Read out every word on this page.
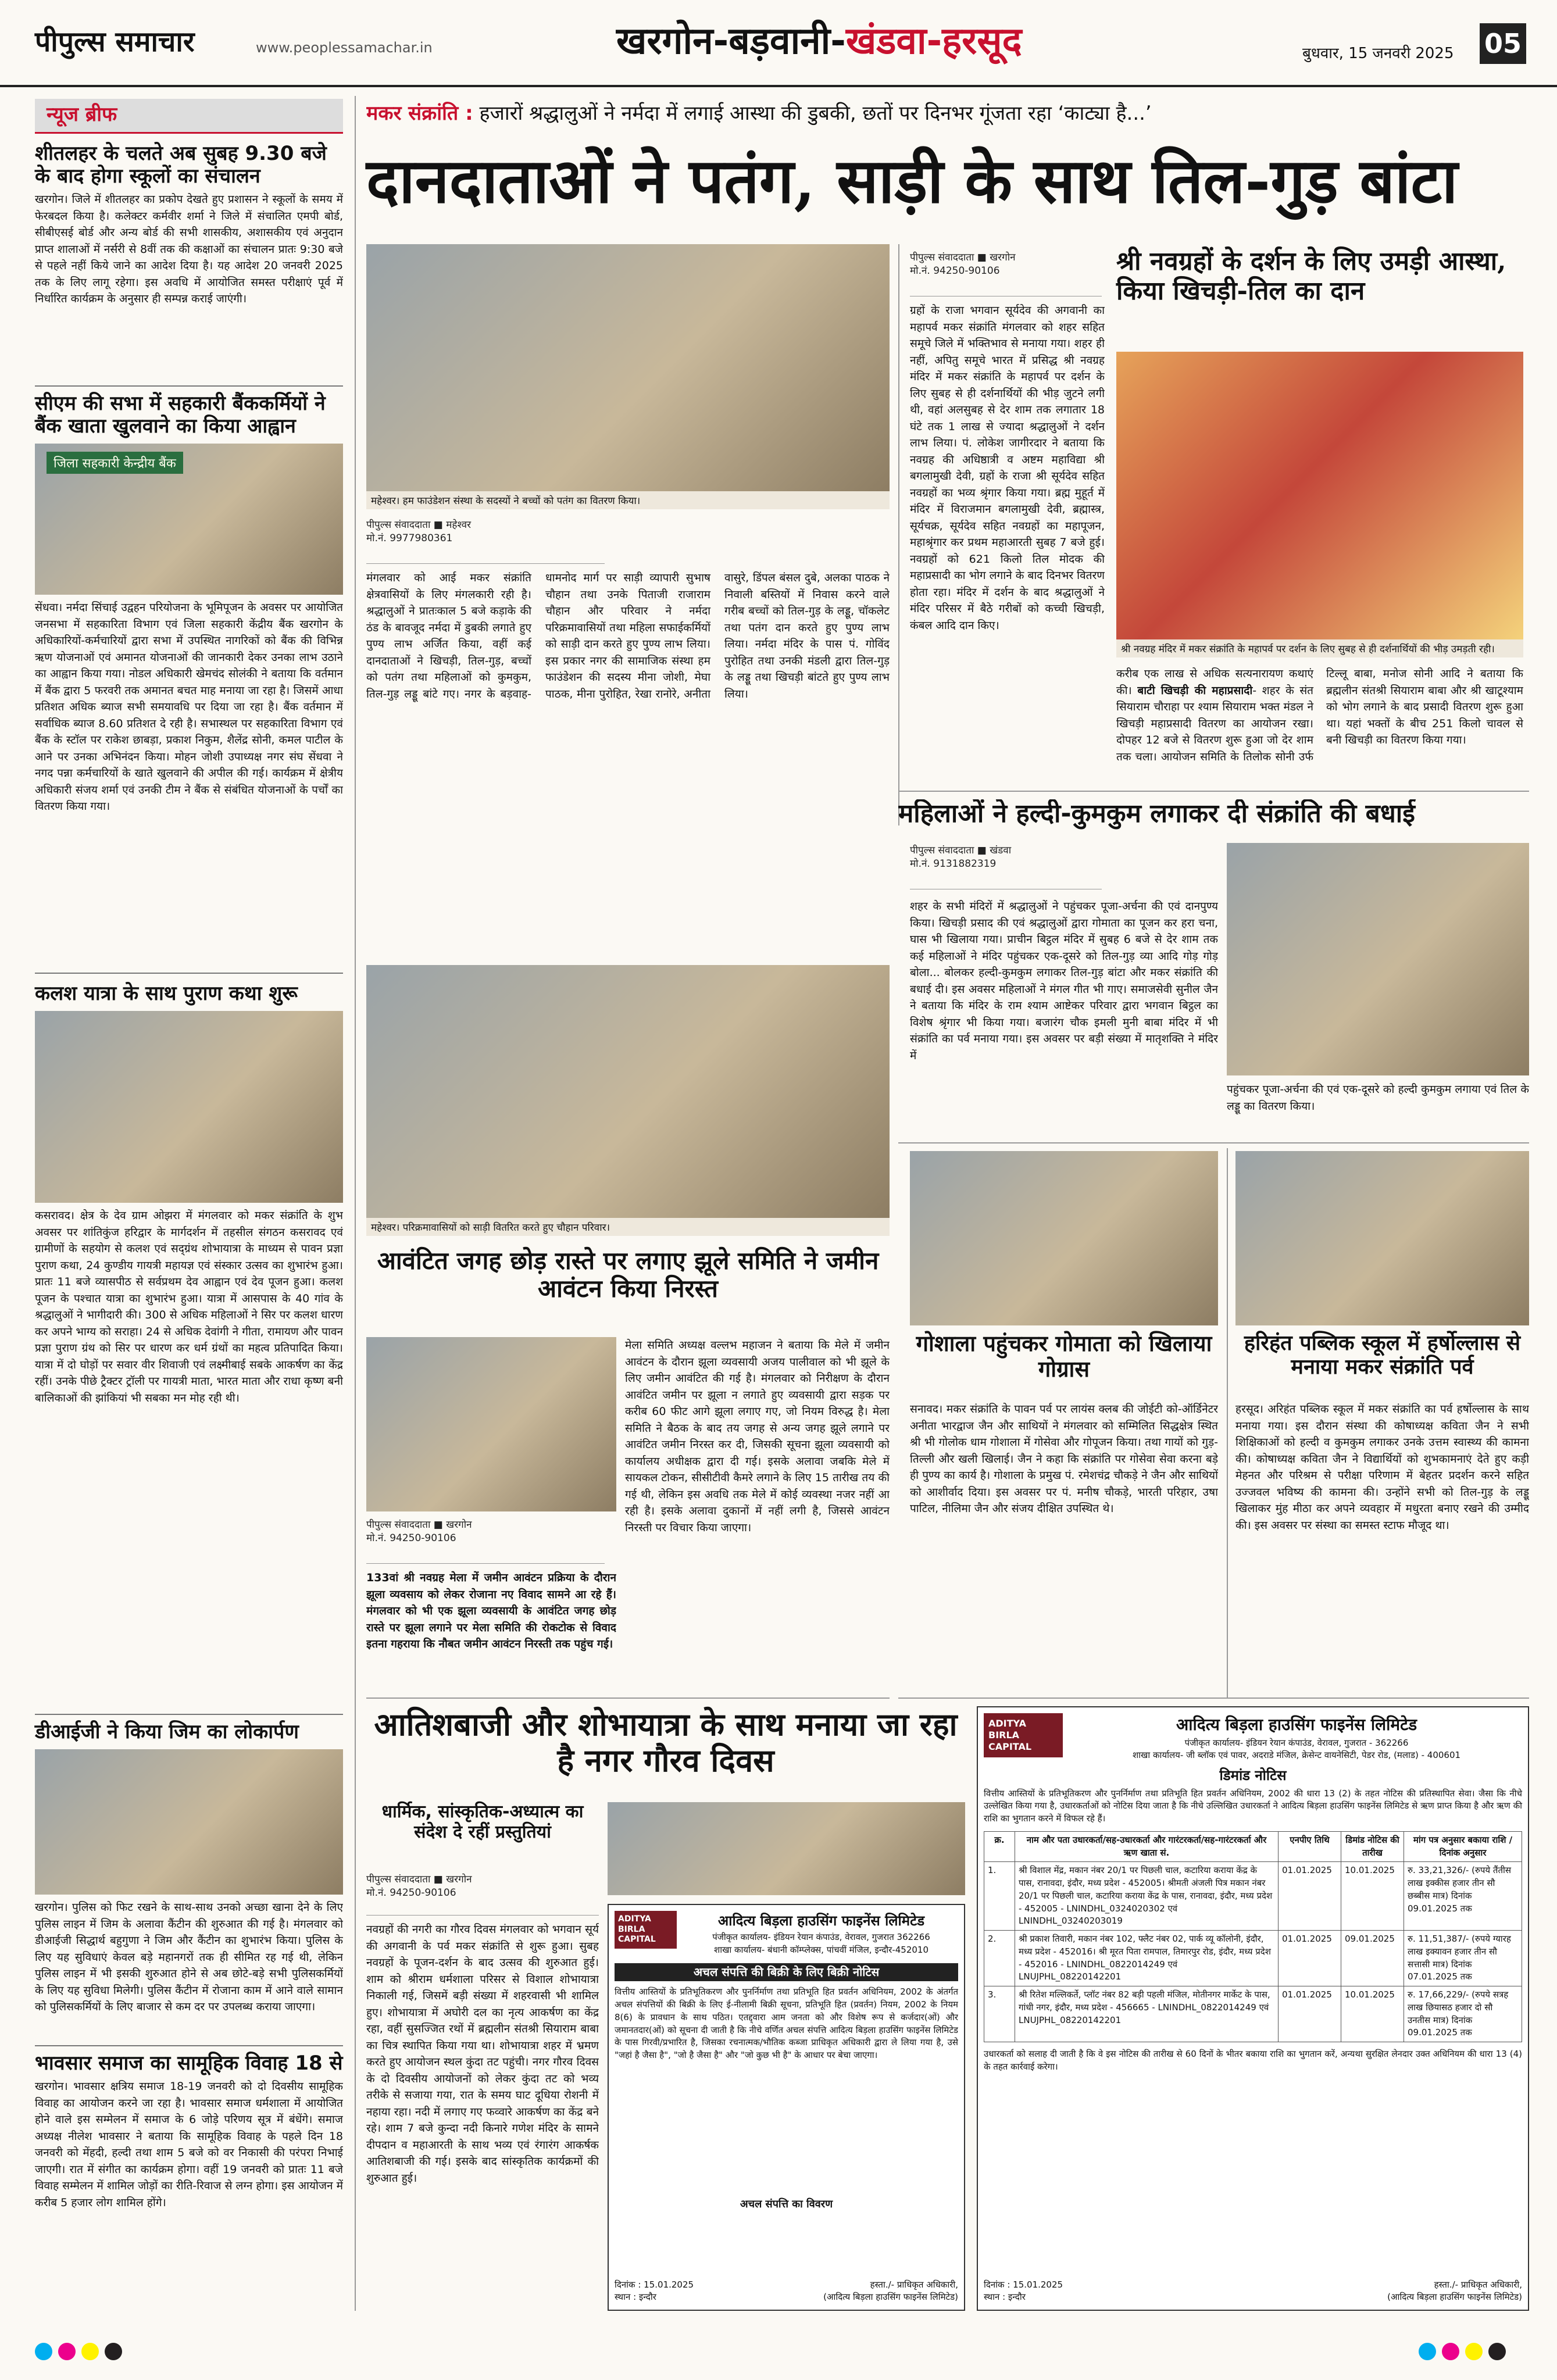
पीपुल्स समाचार	www.peoplessamachar.in	खरगोन-बड़वानी-खंडवा-हरसूद	बुधवार, 15 जनवरी 2025 05
न्यूज ब्रीफ
शीतलहर के चलते अब सुबह 9.30 बजे के बाद होगा स्कूलों का संचालन
खरगोन। जिले में शीतलहर का प्रकोप देखते हुए प्रशासन ने स्कूलों के समय में फेरबदल किया है। कलेक्टर कर्मवीर शर्मा ने जिले में संचालित एमपी बोर्ड, सीबीएसई बोर्ड और अन्य बोर्ड की सभी शासकीय, अशासकीय एवं अनुदान प्राप्त शालाओं में नर्सरी से 8वीं तक की कक्षाओं का संचालन प्रातः 9:30 बजे से पहले नहीं किये जाने का आदेश दिया है। यह आदेश 20 जनवरी 2025 तक के लिए लागू रहेगा। इस अवधि में आयोजित समस्त परीक्षाएं पूर्व में निर्धारित कार्यक्रम के अनुसार ही सम्पन्न कराई जाएंगी।
सीएम की सभा में सहकारी बैंककर्मियों ने बैंक खाता खुलवाने का किया आह्वान
जिला सहकारी केन्द्रीय बैंक
सेंधवा। नर्मदा सिंचाई उद्वहन परियोजना के भूमिपूजन के अवसर पर आयोजित जनसभा में सहकारिता विभाग एवं जिला सहकारी केंद्रीय बैंक खरगोन के अधिकारियों-कर्मचारियों द्वारा सभा में उपस्थित नागरिकों को बैंक की विभिन्न ऋण योजनाओं एवं अमानत योजनाओं की जानकारी देकर उनका लाभ उठाने का आह्वान किया गया। नोडल अधिकारी खेमचंद सोलंकी ने बताया कि वर्तमान में बैंक द्वारा 5 फरवरी तक अमानत बचत माह मनाया जा रहा है। जिसमें आधा प्रतिशत अधिक ब्याज सभी समयावधि पर दिया जा रहा है। बैंक वर्तमान में सर्वाधिक ब्याज 8.60 प्रतिशत दे रही है। सभास्थल पर सहकारिता विभाग एवं बैंक के स्टॉल पर राकेश छाबड़ा, प्रकाश निकुम, शैलेंद्र सोनी, कमल पाटील के आने पर उनका अभिनंदन किया। मोहन जोशी उपाध्यक्ष नगर संघ सेंधवा ने नगद पन्ना कर्मचारियों के खाते खुलवाने की अपील की गई। कार्यक्रम में क्षेत्रीय अधिकारी संजय शर्मा एवं उनकी टीम ने बैंक से संबंधित योजनाओं के पर्चों का वितरण किया गया।
कलश यात्रा के साथ पुराण कथा शुरू
कसरावद। क्षेत्र के देव ग्राम ओझरा में मंगलवार को मकर संक्रांति के शुभ अवसर पर शांतिकुंज हरिद्वार के मार्गदर्शन में तहसील संगठन कसरावद एवं ग्रामीणों के सहयोग से कलश एवं सद्ग्रंथ शोभायात्रा के माध्यम से पावन प्रज्ञा पुराण कथा, 24 कुण्डीय गायत्री महायज्ञ एवं संस्कार उत्सव का शुभारंभ हुआ। प्रातः 11 बजे व्यासपीठ से सर्वप्रथम देव आह्वान एवं देव पूजन हुआ। कलश पूजन के पश्चात यात्रा का शुभारंभ हुआ। यात्रा में आसपास के 40 गांव के श्रद्धालुओं ने भागीदारी की। 300 से अधिक महिलाओं ने सिर पर कलश धारण कर अपने भाग्य को सराहा। 24 से अधिक देवांगी ने गीता, रामायण और पावन प्रज्ञा पुराण ग्रंथ को सिर पर धारण कर धर्म ग्रंथों का महत्व प्रतिपादित किया। यात्रा में दो घोड़ों पर सवार वीर शिवाजी एवं लक्ष्मीबाई सबके आकर्षण का केंद्र रहीं। उनके पीछे ट्रैक्टर ट्रॉली पर गायत्री माता, भारत माता और राधा कृष्ण बनी बालिकाओं की झांकियां भी सबका मन मोह रही थी।
डीआईजी ने किया जिम का लोकार्पण
खरगोन। पुलिस को फिट रखने के साथ-साथ उनको अच्छा खाना देने के लिए पुलिस लाइन में जिम के अलावा कैंटीन की शुरुआत की गई है। मंगलवार को डीआईजी सिद्धार्थ बहुगुणा ने जिम और कैंटीन का शुभारंभ किया। पुलिस के लिए यह सुविधाएं केवल बड़े महानगरों तक ही सीमित रह गई थी, लेकिन पुलिस लाइन में भी इसकी शुरुआत होने से अब छोटे-बड़े सभी पुलिसकर्मियों के लिए यह सुविधा मिलेगी। पुलिस कैंटीन में रोजाना काम में आने वाले सामान को पुलिसकर्मियों के लिए बाजार से कम दर पर उपलब्ध कराया जाएगा।
भावसार समाज का सामूहिक विवाह 18 से
खरगोन। भावसार क्षत्रिय समाज 18-19 जनवरी को दो दिवसीय सामूहिक विवाह का आयोजन करने जा रहा है। भावसार समाज धर्मशाला में आयोजित होने वाले इस सम्मेलन में समाज के 6 जोड़े परिणय सूत्र में बंधेंगे। समाज अध्यक्ष नीलेश भावसार ने बताया कि सामूहिक विवाह के पहले दिन 18 जनवरी को मेंहदी, हल्दी तथा शाम 5 बजे को वर निकासी की परंपरा निभाई जाएगी। रात में संगीत का कार्यक्रम होगा। वहीं 19 जनवरी को प्रातः 11 बजे विवाह सम्मेलन में शामिल जोड़ों का रीति-रिवाज से लग्न होगा। इस आयोजन में करीब 5 हजार लोग शामिल होंगे।
मकर संक्रांति : हजारों श्रद्धालुओं ने नर्मदा में लगाई आस्था की डुबकी, छतों पर दिनभर गूंजता रहा ‘काट्या है...’
दानदाताओं ने पतंग, साड़ी के साथ तिल-गुड़ बांटा
महेश्वर। हम फाउंडेशन संस्था के सदस्यों ने बच्चों को पतंग का वितरण किया।
पीपुल्स संवाददाता ■ महेश्वर
मो.नं. 9977980361
मंगलवार को आई मकर संक्रांति क्षेत्रवासियों के लिए मंगलकारी रही है। श्रद्धालुओं ने प्रातःकाल 5 बजे कड़ाके की ठंड के बावजूद नर्मदा में डुबकी लगाते हुए पुण्य लाभ अर्जित किया, वहीं कई दानदाताओं ने खिचड़ी, तिल-गुड़, बच्चों को पतंग तथा महिलाओं को कुमकुम, तिल-गुड़ लड्डू बांटे गए। नगर के बड़वाह-धामनोद मार्ग पर साड़ी व्यापारी सुभाष चौहान तथा उनके पिताजी राजाराम चौहान और परिवार ने नर्मदा परिक्रमावासियों तथा महिला सफाईकर्मियों को साड़ी दान करते हुए पुण्य लाभ लिया। इस प्रकार नगर की सामाजिक संस्था हम फाउंडेशन की सदस्य मीना जोशी, मेघा पाठक, मीना पुरोहित, रेखा रानोरे, अनीता वासुरे, डिंपल बंसल दुबे, अलका पाठक ने निवाली बस्तियों में निवास करने वाले गरीब बच्चों को तिल-गुड़ के लड्डू, चॉकलेट तथा पतंग दान करते हुए पुण्य लाभ लिया। नर्मदा मंदिर के पास पं. गोविंद पुरोहित तथा उनकी मंडली द्वारा तिल-गुड़ के लड्डू तथा खिचड़ी बांटते हुए पुण्य लाभ लिया।
महेश्वर। परिक्रमावासियों को साड़ी वितरित करते हुए चौहान परिवार।
पीपुल्स संवाददाता ■ खरगोन
मो.नं. 94250-90106	श्री नवग्रहों के दर्शन के लिए उमड़ी आस्था, किया खिचड़ी-तिल का दान
ग्रहों के राजा भगवान सूर्यदेव की अगवानी का महापर्व मकर संक्रांति मंगलवार को शहर सहित समूचे जिले में भक्तिभाव से मनाया गया। शहर ही नहीं, अपितु समूचे भारत में प्रसिद्ध श्री नवग्रह मंदिर में मकर संक्रांति के महापर्व पर दर्शन के लिए सुबह से ही दर्शनार्थियों की भीड़ जुटने लगी थी, वहां अलसुबह से देर शाम तक लगातार 18 घंटे तक 1 लाख से ज्यादा श्रद्धालुओं ने दर्शन लाभ लिया। पं. लोकेश जागीरदार ने बताया कि नवग्रह की अधिष्ठात्री व अष्टम महाविद्या श्री बगलामुखी देवी, ग्रहों के राजा श्री सूर्यदेव सहित नवग्रहों का भव्य श्रृंगार किया गया। ब्रह्म मुहूर्त में मंदिर में विराजमान बगलामुखी देवी, ब्रह्मास्त्र, सूर्यचक्र, सूर्यदेव सहित नवग्रहों का महापूजन, महाश्रृंगार कर प्रथम महाआरती सुबह 7 बजे हुई। नवग्रहों को 621 किलो तिल मोदक की महाप्रसादी का भोग लगाने के बाद दिनभर वितरण होता रहा। मंदिर में दर्शन के बाद श्रद्धालुओं ने मंदिर परिसर में बैठे गरीबों को कच्ची खिचड़ी, कंबल आदि दान किए।
श्री नवग्रह मंदिर में मकर संक्रांति के महापर्व पर दर्शन के लिए सुबह से ही दर्शनार्थियों की भीड़ उमड़ती रही।
करीब एक लाख से अधिक सत्यनारायण कथाएं की। बाटी खिचड़ी की महाप्रसादी- शहर के संत सियाराम चौराहा पर श्याम सियाराम भक्त मंडल ने खिचड़ी महाप्रसादी वितरण का आयोजन रखा। दोपहर 12 बजे से वितरण शुरू हुआ जो देर शाम तक चला। आयोजन समिति के तिलोक सोनी उर्फ टिल्लू बाबा, मनोज सोनी आदि ने बताया कि ब्रह्मलीन संतश्री सियाराम बाबा और श्री खाटूश्याम को भोग लगाने के बाद प्रसादी वितरण शुरू हुआ था। यहां भक्तों के बीच 251 किलो चावल से बनी खिचड़ी का वितरण किया गया।
महिलाओं ने हल्दी-कुमकुम लगाकर दी संक्रांति की बधाई
पीपुल्स संवाददाता ■ खंडवा
मो.नं. 9131882319
शहर के सभी मंदिरों में श्रद्धालुओं ने पहुंचकर पूजा-अर्चना की एवं दानपुण्य किया। खिचड़ी प्रसाद की एवं श्रद्धालुओं द्वारा गोमाता का पूजन कर हरा चना, घास भी खिलाया गया। प्राचीन बिट्ठल मंदिर में सुबह 6 बजे से देर शाम तक कई महिलाओं ने मंदिर पहुंचकर एक-दूसरे को तिल-गुड़ व्या आदि गोड़ गोड़ बोला... बोलकर हल्दी-कुमकुम लगाकर तिल-गुड़ बांटा और मकर संक्रांति की बधाई दी। इस अवसर महिलाओं ने मंगल गीत भी गाए। समाजसेवी सुनील जैन ने बताया कि मंदिर के राम श्याम आष्टेकर परिवार द्वारा भगवान बिट्ठल का विशेष श्रृंगार भी किया गया। बजारंग चौक इमली मुनी बाबा मंदिर में भी संक्रांति का पर्व मनाया गया। इस अवसर पर बड़ी संख्या में मातृशक्ति ने मंदिर में
पहुंचकर पूजा-अर्चना की एवं एक-दूसरे को हल्दी कुमकुम लगाया एवं तिल के लड्डू का वितरण किया।
आवंटित जगह छोड़ रास्ते पर लगाए झूले समिति ने जमीन आवंटन किया निरस्त
पीपुल्स संवाददाता ■ खरगोन
मो.नं. 94250-90106
133वां श्री नवग्रह मेला में जमीन आवंटन प्रक्रिया के दौरान झूला व्यवसाय को लेकर रोजाना नए विवाद सामने आ रहे हैं। मंगलवार को भी एक झूला व्यवसायी के आवंटित जगह छोड़ रास्ते पर झूला लगाने पर मेला समिति की रोकटोक से विवाद इतना गहराया कि नौबत जमीन आवंटन निरस्ती तक पहुंच गई।
मेला समिति अध्यक्ष वल्लभ महाजन ने बताया कि मेले में जमीन आवंटन के दौरान झूला व्यवसायी अजय पालीवाल को भी झूले के लिए जमीन आवंटित की गई है। मंगलवार को निरीक्षण के दौरान आवंटित जमीन पर झूला न लगाते हुए व्यवसायी द्वारा सड़क पर करीब 60 फीट आगे झूला लगाए गए, जो नियम विरुद्ध है। मेला समिति ने बैठक के बाद तय जगह से अन्य जगह झूले लगाने पर आवंटित जमीन निरस्त कर दी, जिसकी सूचना झूला व्यवसायी को कार्यालय अधीक्षक द्वारा दी गई। इसके अलावा जबकि मेले में सायकल टोकन, सीसीटीवी कैमरे लगाने के लिए 15 तारीख तय की गई थी, लेकिन इस अवधि तक मेले में कोई व्यवस्था नजर नहीं आ रही है। इसके अलावा दुकानों में नहीं लगी है, जिससे आवंटन निरस्ती पर विचार किया जाएगा।
गोशाला पहुंचकर गोमाता को खिलाया गोग्रास
सनावद। मकर संक्रांति के पावन पर्व पर लायंस क्लब की जोईटी को-ऑर्डिनेटर अनीता भारद्वाज जैन और साथियों ने मंगलवार को सम्मिलित सिद्धक्षेत्र स्थित श्री भी गोलोक धाम गोशाला में गोसेवा और गोपूजन किया। तथा गायों को गुड़-तिल्ली और खली खिलाई। जैन ने कहा कि संक्रांति पर गोसेवा सेवा करना बड़े ही पुण्य का कार्य है। गोशाला के प्रमुख पं. रमेशचंद्र चौकड़े ने जैन और साथियों को आशीर्वाद दिया। इस अवसर पर पं. मनीष चौकड़े, भारती परिहार, उषा पाटिल, नीलिमा जैन और संजय दीक्षित उपस्थित थे।
हरिहंत पब्लिक स्कूल में हर्षोल्लास से मनाया मकर संक्रांति पर्व
हरसूद। अरिहंत पब्लिक स्कूल में मकर संक्रांति का पर्व हर्षोल्लास के साथ मनाया गया। इस दौरान संस्था की कोषाध्यक्ष कविता जैन ने सभी शिक्षिकाओं को हल्दी व कुमकुम लगाकर उनके उत्तम स्वास्थ्य की कामना की। कोषाध्यक्ष कविता जैन ने विद्यार्थियों को शुभकामनाएं देते हुए कड़ी मेहनत और परिश्रम से परीक्षा परिणाम में बेहतर प्रदर्शन करने सहित उज्जवल भविष्य की कामना की। उन्होंने सभी को तिल-गुड़ के लड्डू खिलाकर मुंह मीठा कर अपने व्यवहार में मधुरता बनाए रखने की उम्मीद की। इस अवसर पर संस्था का समस्त स्टाफ मौजूद था।
आतिशबाजी और शोभायात्रा के साथ मनाया जा रहा है नगर गौरव दिवस
धार्मिक, सांस्कृतिक-अध्यात्म का संदेश दे रहीं प्रस्तुतियां
पीपुल्स संवाददाता ■ खरगोन
मो.नं. 94250-90106
नवग्रहों की नगरी का गौरव दिवस मंगलवार को भगवान सूर्य की अगवानी के पर्व मकर संक्रांति से शुरू हुआ। सुबह नवग्रहों के पूजन-दर्शन के बाद उत्सव की शुरुआत हुई। शाम को श्रीराम धर्मशाला परिसर से विशाल शोभायात्रा निकाली गई, जिसमें बड़ी संख्या में शहरवासी भी शामिल हुए। शोभायात्रा में अघोरी दल का नृत्य आकर्षण का केंद्र रहा, वहीं सुसज्जित रथों में ब्रह्मलीन संतश्री सियाराम बाबा का चित्र स्थापित किया गया था। शोभायात्रा शहर में भ्रमण करते हुए आयोजन स्थल कुंदा तट पहुंची। नगर गौरव दिवस के दो दिवसीय आयोजनों को लेकर कुंदा तट को भव्य तरीके से सजाया गया, रात के समय घाट दूधिया रोशनी में नहाया रहा। नदी में लगाए गए फव्वारे आकर्षण का केंद्र बने रहे। शाम 7 बजे कुन्दा नदी किनारे गणेश मंदिर के सामने दीपदान व महाआरती के साथ भव्य एवं रंगारंग आकर्षक आतिशबाजी की गई। इसके बाद सांस्कृतिक कार्यक्रमों की शुरुआत हुई।
ADITYA BIRLA
CAPITAL
आदित्य बिड़ला हाउसिंग फाइनेंस लिमिटेड
पंजीकृत कार्यालय- इंडियन रेयान कंपाउंड, वेरावल, गुजरात 362266
शाखा कार्यालय- बंधानी कॉम्प्लेक्स, पांचवीं मंजिल, इन्दौर-452010
अचल संपत्ति की बिक्री के लिए बिक्री नोटिस
वित्तीय आस्तियों के प्रतिभूतिकरण और पुनर्निर्माण तथा प्रतिभूति हित प्रवर्तन अधिनियम, 2002 के अंतर्गत अचल संपत्तियों की बिक्री के लिए ई-नीलामी बिक्री सूचना, प्रतिभूति हित (प्रवर्तन) नियम, 2002 के नियम 8(6) के प्रावधान के साथ पठित। एतद्द्वारा आम जनता को और विशेष रूप से कर्जदार(ओं) और जमानतदार(ओं) को सूचना दी जाती है कि नीचे वर्णित अचल संपत्ति आदित्य बिड़ला हाउसिंग फाइनेंस लिमिटेड के पास गिरवी/प्रभारित है, जिसका रचनात्मक/भौतिक कब्जा प्राधिकृत अधिकारी द्वारा ले लिया गया है, उसे "जहां है जैसा है", "जो है जैसा है" और "जो कुछ भी है" के आधार पर बेचा जाएगा।
अचल संपत्ति का विवरण
दिनांक : 15.01.2025
स्थान : इन्दौर
हस्ता./- प्राधिकृत अधिकारी,
(आदित्य बिड़ला हाउसिंग फाइनेंस लिमिटेड)
ADITYA BIRLA
CAPITAL
आदित्य बिड़ला हाउसिंग फाइनेंस लिमिटेड
पंजीकृत कार्यालय- इंडियन रेयान कंपाउंड, वेरावल, गुजरात - 362266
शाखा कार्यालय- जी ब्लॉक एवं पावर, अदराडे मंजिल, क्रेसेन्ट वायनेसिटी, पेडर रोड, (मलाड) - 400601
डिमांड नोटिस
वित्तीय आस्तियों के प्रतिभूतिकरण और पुनर्निर्माण तथा प्रतिभूति हित प्रवर्तन अधिनियम, 2002 की धारा 13 (2) के तहत नोटिस की प्रतिस्थापित सेवा। जैसा कि नीचे उल्लेखित किया गया है, उधारकर्ताओं को नोटिस दिया जाता है कि नीचे उल्लिखित उधारकर्ता ने आदित्य बिड़ला हाउसिंग फाइनेंस लिमिटेड से ऋण प्राप्त किया है और ऋण की राशि का भुगतान करने में विफल रहे हैं।
क्र.	नाम और पता उधारकर्ता/सह-उधारकर्ता और गारंटरकर्ता/सह-गारंटरकर्ता और ऋण खाता सं.	एनपीए तिथि	डिमांड नोटिस की तारीख	मांग पत्र अनुसार बकाया राशि / दिनांक अनुसार
1.	श्री विशाल मेंद्र, मकान नंबर 20/1 पर पिछली चाल, कटारिया कराया केंद्र के पास, रानावदा, इंदौर, मध्य प्रदेश - 452005। श्रीमती अंजली पित्र मकान नंबर 20/1 पर पिछली चाल, कटारिया कराया केंद्र के पास, रानावदा, इंदौर, मध्य प्रदेश - 452005 - LNINDHL_0324020302 एवं LNINDHL_03240203019	01.01.2025	10.01.2025	रु. 33,21,326/- (रुपये तैंतीस लाख इक्कीस हजार तीन सौ छब्बीस मात्र) दिनांक 09.01.2025 तक
2.	श्री प्रकाश तिवारी, मकान नंबर 102, फ्लैट नंबर 02, पार्क व्यू कॉलोनी, इंदौर, मध्य प्रदेश - 452016। श्री मूरत पिता रामपाल, तिमारपुर रोड, इंदौर, मध्य प्रदेश - 452016 - LNINDHL_0822014249 एवं LNUJPHL_08220142201	01.01.2025	09.01.2025	रु. 11,51,387/- (रुपये ग्यारह लाख इक्यावन हजार तीन सौ सत्तासी मात्र) दिनांक 07.01.2025 तक
3.	श्री रितेश मल्लिकर्ते, प्लॉट नंबर 82 बड़ी पहली मंजिल, मोतीनगर मार्केट के पास, गांधी नगर, इंदौर, मध्य प्रदेश - 456665 - LNINDHL_0822014249 एवं LNUJPHL_08220142201	01.01.2025	10.01.2025	रु. 17,66,229/- (रुपये सत्रह लाख छियासठ हजार दो सौ उनतीस मात्र) दिनांक 09.01.2025 तक
उधारकर्ता को सलाह दी जाती है कि वे इस नोटिस की तारीख से 60 दिनों के भीतर बकाया राशि का भुगतान करें, अन्यथा सुरक्षित लेनदार उक्त अधिनियम की धारा 13 (4) के तहत कार्रवाई करेगा।
दिनांक : 15.01.2025
स्थान : इन्दौर
हस्ता./- प्राधिकृत अधिकारी,
(आदित्य बिड़ला हाउसिंग फाइनेंस लिमिटेड)
